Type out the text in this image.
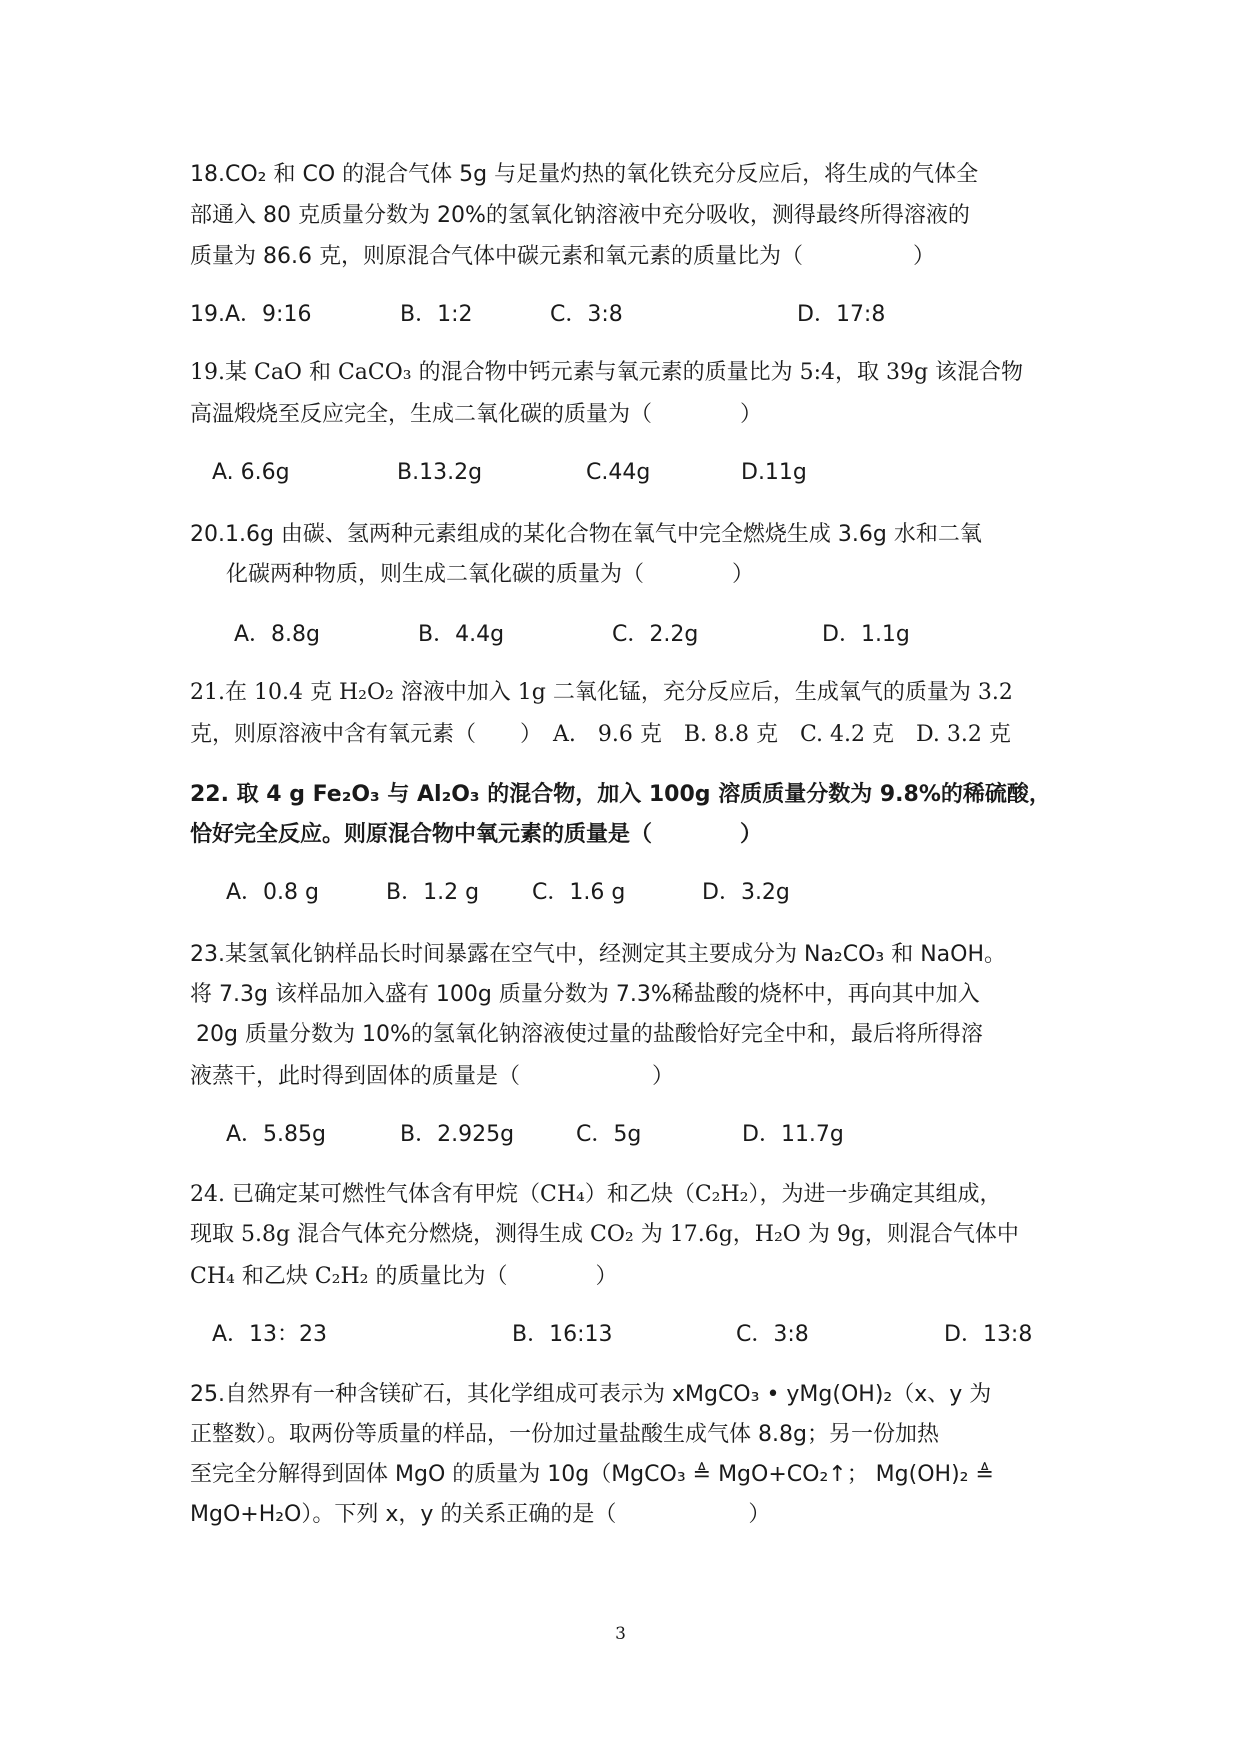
18.CO₂ 和 CO 的混合气体 5g 与足量灼热的氧化铁充分反应后，将生成的气体全
部通入 80 克质量分数为 20%的氢氧化钠溶液中充分吸收，测得最终所得溶液的
质量为 86.6 克，则原混合气体中碳元素和氧元素的质量比为（　　　　　）
19.A．9:16	B．1:2	C．3:8	D．17:8
19.某 CaO 和 CaCO₃ 的混合物中钙元素与氧元素的质量比为 5:4，取 39g 该混合物
高温煅烧至反应完全，生成二氧化碳的质量为（　　　　）
A. 6.6g	B.13.2g	C.44g	D.11g
20.1.6g 由碳、氢两种元素组成的某化合物在氧气中完全燃烧生成 3.6g 水和二氧
化碳两种物质，则生成二氧化碳的质量为（　　　　）
A．8.8g	B．4.4g	C．2.2g	D．1.1g
21.在 10.4 克 H₂O₂ 溶液中加入 1g 二氧化锰，充分反应后，生成氧气的质量为 3.2
克，则原溶液中含有氧元素（　　）　A.　9.6 克　B. 8.8 克　C. 4.2 克　D. 3.2 克
22. 取 4 g Fe₂O₃ 与 Al₂O₃ 的混合物，加入 100g 溶质质量分数为 9.8%的稀硫酸，
恰好完全反应。则原混合物中氧元素的质量是（　　　　）
A．0.8 g	B．1.2 g C．1.6 g	D．3.2g
23.某氢氧化钠样品长时间暴露在空气中，经测定其主要成分为 Na₂CO₃ 和 NaOH。
将 7.3g 该样品加入盛有 100g 质量分数为 7.3%稀盐酸的烧杯中，再向其中加入
20g 质量分数为 10%的氢氧化钠溶液使过量的盐酸恰好完全中和，最后将所得溶
液蒸干，此时得到固体的质量是（　　　　　　）
A．5.85g	B．2.925g	C．5g	D．11.7g
24. 已确定某可燃性气体含有甲烷（CH₄）和乙炔（C₂H₂），为进一步确定其组成，
现取 5.8g 混合气体充分燃烧，测得生成 CO₂ 为 17.6g，H₂O 为 9g，则混合气体中
CH₄ 和乙炔 C₂H₂ 的质量比为（　　　　）
A．13：23	B．16:13	C．3:8	D．13:8
25.自然界有一种含镁矿石，其化学组成可表示为 xMgCO₃ • yMg(OH)₂（x、y 为
正整数）。取两份等质量的样品，一份加过量盐酸生成气体 8.8g；另一份加热
至完全分解得到固体 MgO 的质量为 10g（MgCO₃ ≜ MgO+CO₂↑； Mg(OH)₂ ≜
MgO+H₂O）。下列 x，y 的关系正确的是（　　　　　　）
3
